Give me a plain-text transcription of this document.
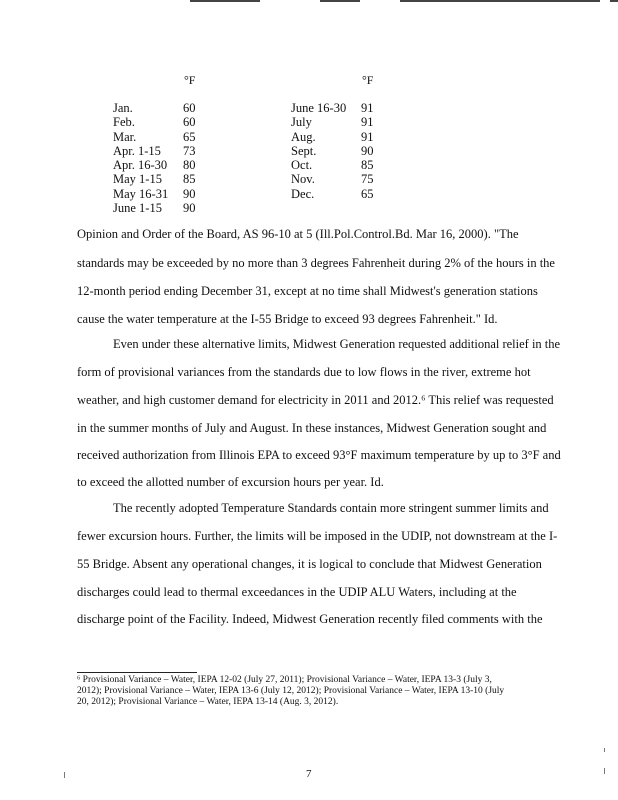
°F	°F
Jan.	60
Feb.	60
Mar.	65
Apr. 1-15	73
Apr. 16-30	80
May 1-15	85
May 16-31	90
June 1-15	90
June 16-30	91
July	91
Aug.	91
Sept.	90
Oct.	85
Nov.	75
Dec.	65
Opinion and Order of the Board, AS 96-10 at 5 (Ill.Pol.Control.Bd. Mar 16, 2000). "The
standards may be exceeded by no more than 3 degrees Fahrenheit during 2% of the hours in the
12-month period ending December 31, except at no time shall Midwest's generation stations
cause the water temperature at the I-55 Bridge to exceed 93 degrees Fahrenheit." Id.
Even under these alternative limits, Midwest Generation requested additional relief in the
form of provisional variances from the standards due to low flows in the river, extreme hot
weather, and high customer demand for electricity in 2011 and 2012.⁶ This relief was requested
in the summer months of July and August. In these instances, Midwest Generation sought and
received authorization from Illinois EPA to exceed 93°F maximum temperature by up to 3°F and
to exceed the allotted number of excursion hours per year. Id.
The recently adopted Temperature Standards contain more stringent summer limits and
fewer excursion hours. Further, the limits will be imposed in the UDIP, not downstream at the I-
55 Bridge. Absent any operational changes, it is logical to conclude that Midwest Generation
discharges could lead to thermal exceedances in the UDIP ALU Waters, including at the
discharge point of the Facility. Indeed, Midwest Generation recently filed comments with the
⁶ Provisional Variance – Water, IEPA 12-02 (July 27, 2011); Provisional Variance – Water, IEPA 13-3 (July 3,
2012); Provisional Variance – Water, IEPA 13-6 (July 12, 2012); Provisional Variance – Water, IEPA 13-10 (July
20, 2012); Provisional Variance – Water, IEPA 13-14 (Aug. 3, 2012).
7
